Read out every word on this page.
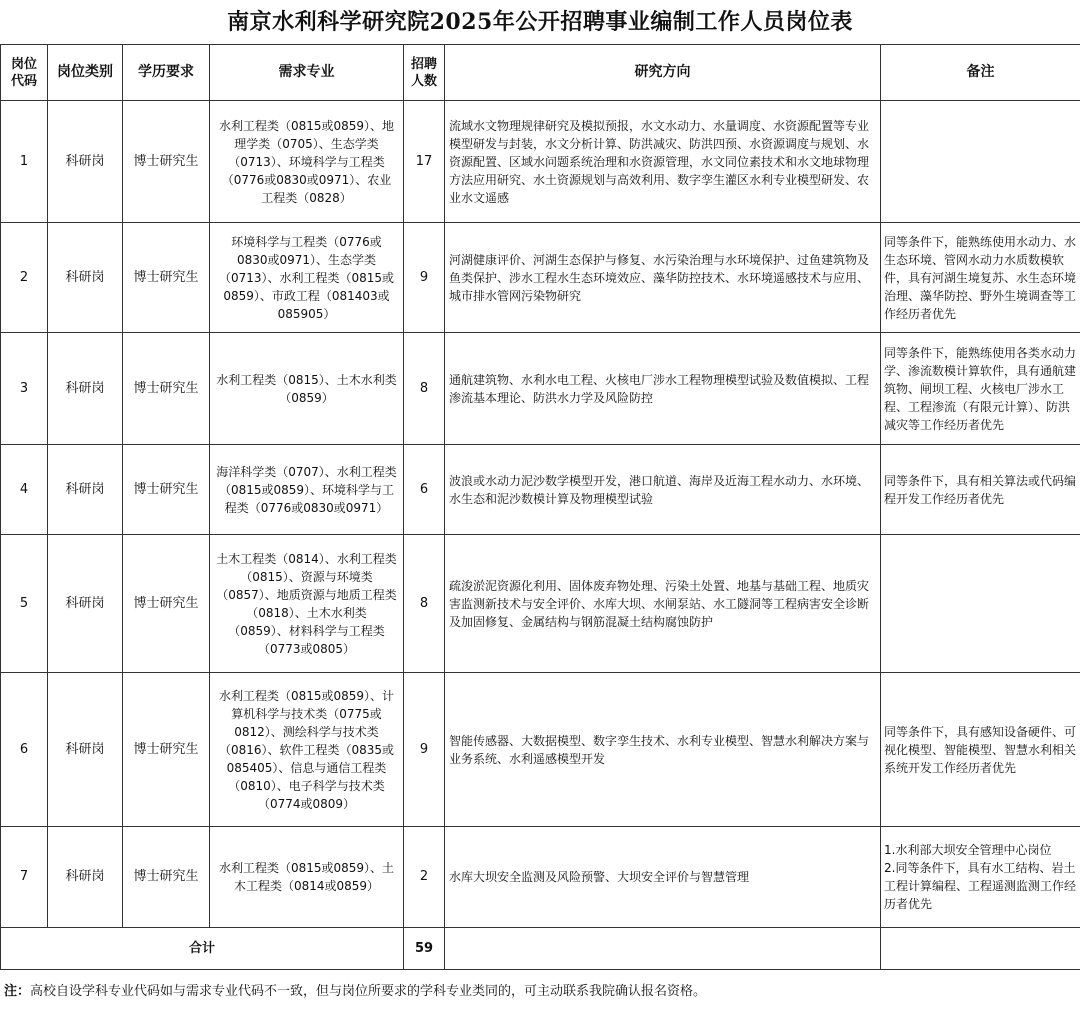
南京水利科学研究院2025年公开招聘事业编制工作人员岗位表
岗位代码	岗位类别	学历要求	需求专业	招聘人数	研究方向	备注
1	科研岗	博士研究生	水利工程类（0815或0859）、地理学类（0705）、生态学类（0713）、环境科学与工程类（0776或0830或0971）、农业工程类（0828）	17	流域水文物理规律研究及模拟预报，水文水动力、水量调度、水资源配置等专业模型研发与封装，水文分析计算、防洪减灾、防洪四预、水资源调度与规划、水资源配置、区域水问题系统治理和水资源管理，水文同位素技术和水文地球物理方法应用研究、水土资源规划与高效利用、数字孪生灌区水利专业模型研发、农业水文遥感	
2	科研岗	博士研究生	环境科学与工程类（0776或0830或0971）、生态学类（0713）、水利工程类（0815或0859）、市政工程（081403或085905）	9	河湖健康评价、河湖生态保护与修复、水污染治理与水环境保护、过鱼建筑物及鱼类保护、涉水工程水生态环境效应、藻华防控技术、水环境遥感技术与应用、城市排水管网污染物研究	同等条件下，能熟练使用水动力、水生态环境、管网水动力水质数模软件，具有河湖生境复苏、水生态环境治理、藻华防控、野外生境调查等工作经历者优先
3	科研岗	博士研究生	水利工程类（0815）、土木水利类（0859）	8	通航建筑物、水利水电工程、火核电厂涉水工程物理模型试验及数值模拟、工程渗流基本理论、防洪水力学及风险防控	同等条件下，能熟练使用各类水动力学、渗流数模计算软件，具有通航建筑物、闸坝工程、火核电厂涉水工程、工程渗流（有限元计算）、防洪减灾等工作经历者优先
4	科研岗	博士研究生	海洋科学类（0707）、水利工程类（0815或0859）、环境科学与工程类（0776或0830或0971）	6	波浪或水动力泥沙数学模型开发，港口航道、海岸及近海工程水动力、水环境、水生态和泥沙数模计算及物理模型试验	同等条件下，具有相关算法或代码编程开发工作经历者优先
5	科研岗	博士研究生	土木工程类（0814）、水利工程类（0815）、资源与环境类（0857）、地质资源与地质工程类（0818）、土木水利类（0859）、材料科学与工程类（0773或0805）	8	疏浚淤泥资源化利用、固体废弃物处理、污染土处置、地基与基础工程、地质灾害监测新技术与安全评价、水库大坝、水闸泵站、水工隧洞等工程病害安全诊断及加固修复、金属结构与钢筋混凝土结构腐蚀防护	
6	科研岗	博士研究生	水利工程类（0815或0859）、计算机科学与技术类（0775或0812）、测绘科学与技术类（0816）、软件工程类（0835或085405）、信息与通信工程类（0810）、电子科学与技术类（0774或0809）	9	智能传感器、大数据模型、数字孪生技术、水利专业模型、智慧水利解决方案与业务系统、水利遥感模型开发	同等条件下，具有感知设备硬件、可视化模型、智能模型、智慧水利相关系统开发工作经历者优先
7	科研岗	博士研究生	水利工程类（0815或0859）、土木工程类（0814或0859）	2	水库大坝安全监测及风险预警、大坝安全评价与智慧管理	1.水利部大坝安全管理中心岗位
2.同等条件下，具有水工结构、岩土工程计算编程、工程遥测监测工作经历者优先

合计				59		
注：高校自设学科专业代码如与需求专业代码不一致，但与岗位所要求的学科专业类同的，可主动联系我院确认报名资格。
